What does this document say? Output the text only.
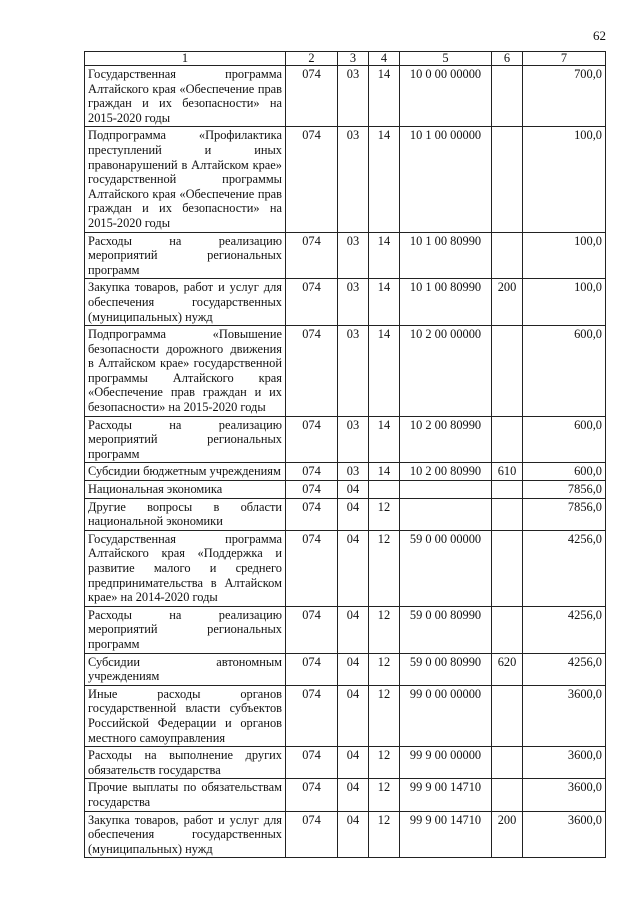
62
1	2	3	4	5	6	7
Государственная программа Алтайского края «Обеспечение прав граждан и их безопасности» на 2015-2020 годы	074	03	14	10 0 00 00000		700,0
Подпрограмма «Профилактика преступлений и иных правонарушений в Алтайском крае» государственной программы Алтайского края «Обеспечение прав граждан и их безопасности» на 2015-2020 годы	074	03	14	10 1 00 00000		100,0
Расходы на реализацию мероприятий региональных программ	074	03	14	10 1 00 80990		100,0
Закупка товаров, работ и услуг для обеспечения государственных (муниципальных) нужд	074	03	14	10 1 00 80990	200	100,0
Подпрограмма «Повышение безопасности дорожного движения в Алтайском крае» государственной программы Алтайского края «Обеспечение прав граждан и их безопасности» на 2015-2020 годы	074	03	14	10 2 00 00000		600,0
Расходы на реализацию мероприятий региональных программ	074	03	14	10 2 00 80990		600,0
Субсидии бюджетным учреждениям	074	03	14	10 2 00 80990	610	600,0
Национальная экономика	074	04				7856,0
Другие вопросы в области национальной экономики	074	04	12			7856,0
Государственная программа Алтайского края «Поддержка и развитие малого и среднего предпринимательства в Алтайском крае» на 2014-2020 годы	074	04	12	59 0 00 00000		4256,0
Расходы на реализацию мероприятий региональных программ	074	04	12	59 0 00 80990		4256,0
Субсидии автономным учреждениям	074	04	12	59 0 00 80990	620	4256,0
Иные расходы органов государственной власти субъектов Российской Федерации и органов местного самоуправления	074	04	12	99 0 00 00000		3600,0
Расходы на выполнение других обязательств государства	074	04	12	99 9 00 00000		3600,0
Прочие выплаты по обязательствам государства	074	04	12	99 9 00 14710		3600,0
Закупка товаров, работ и услуг для обеспечения государственных (муниципальных) нужд	074	04	12	99 9 00 14710	200	3600,0
